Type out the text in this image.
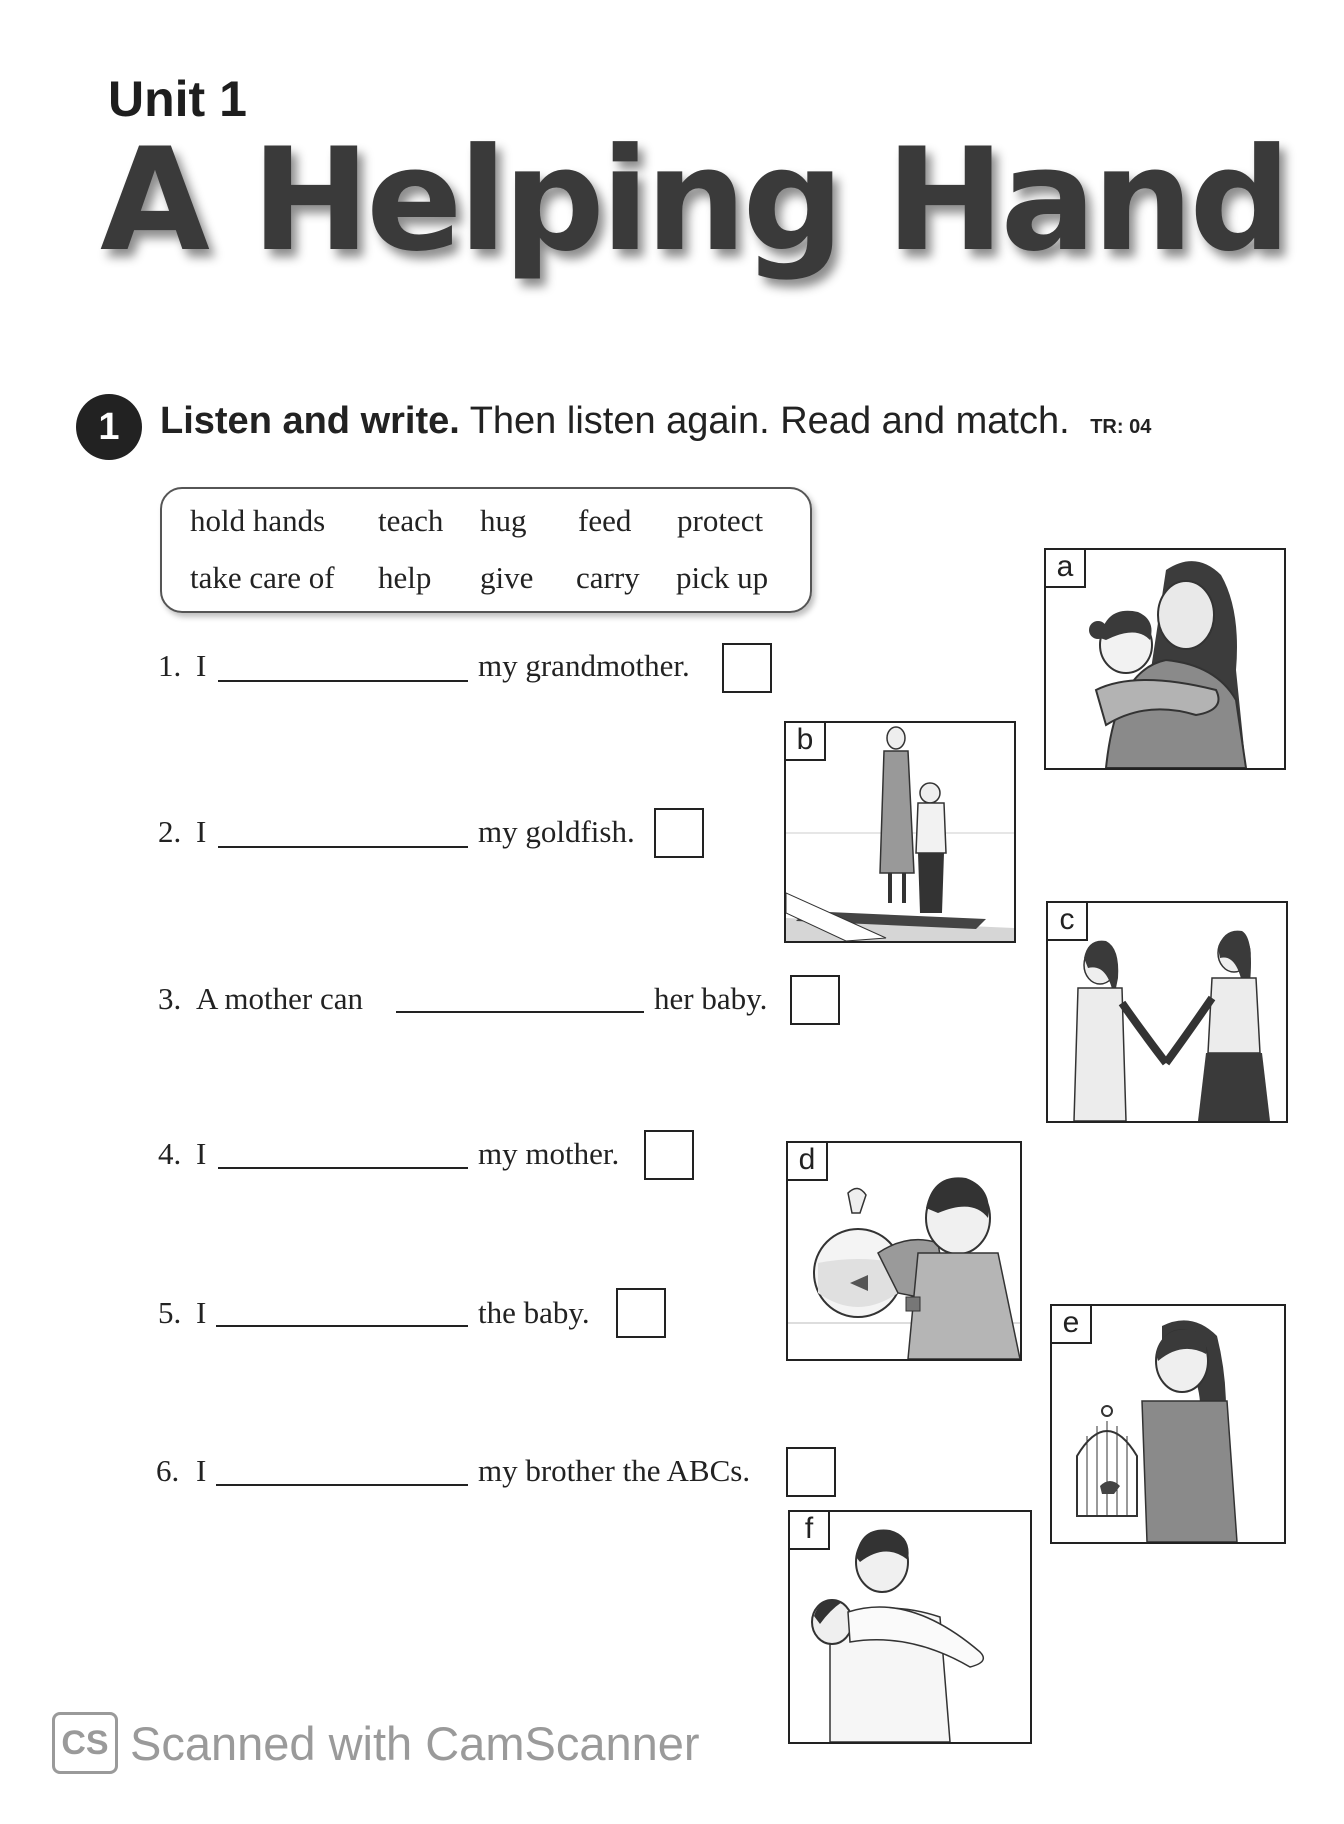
Unit 1
A Helping Hand
1	Listen and write. Then listen again. Read and match. TR: 04
hold hands teach hug feed protect
take care of help give carry pick up
1. I	my grandmother.
2. I	my goldfish.
3. A mother can	her baby.
4. I	my mother.
5. I	the baby.
6. I	my brother the ABCs.
a
b
c
d
e
f
CS Scanned with CamScanner
